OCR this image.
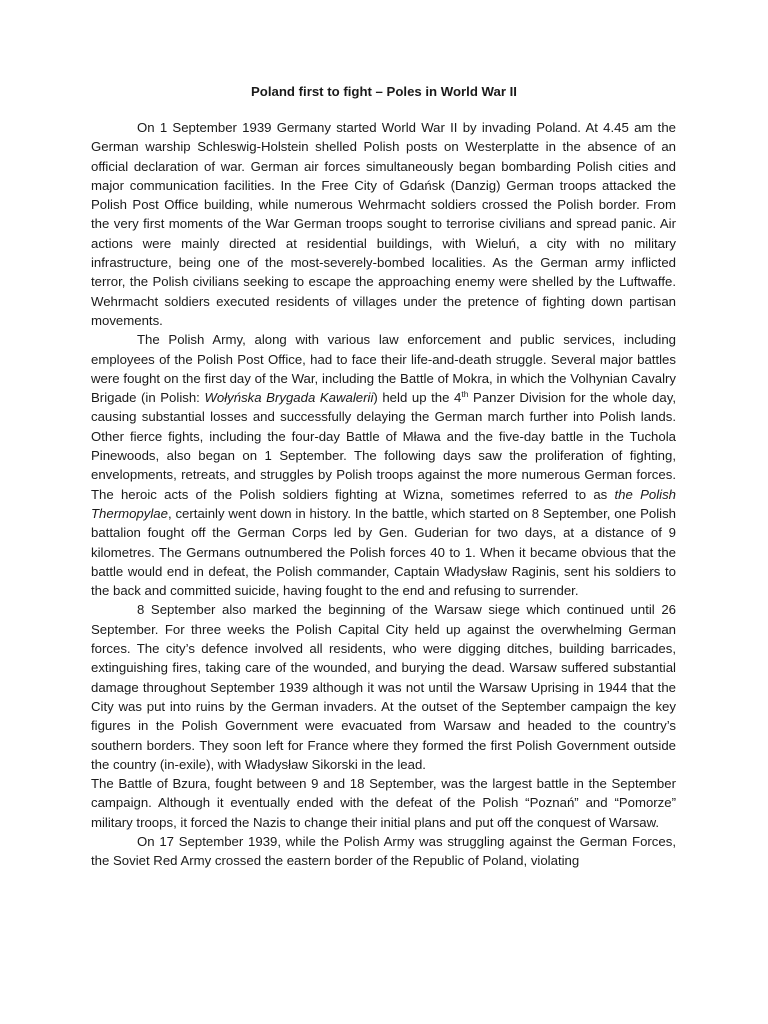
Poland first to fight – Poles in World War II

On 1 September 1939 Germany started World War II by invading Poland. At 4.45 am the German warship Schleswig-Holstein shelled Polish posts on Westerplatte in the absence of an official declaration of war. German air forces simultaneously began bombarding Polish cities and major communication facilities. In the Free City of Gdańsk (Danzig) German troops attacked the Polish Post Office building, while numerous Wehrmacht soldiers crossed the Polish border. From the very first moments of the War German troops sought to terrorise civilians and spread panic. Air actions were mainly directed at residential buildings, with Wieluń, a city with no military infrastructure, being one of the most-severely-bombed localities. As the German army inflicted terror, the Polish civilians seeking to escape the approaching enemy were shelled by the Luftwaffe. Wehrmacht soldiers executed residents of villages under the pretence of fighting down partisan movements.

The Polish Army, along with various law enforcement and public services, including employees of the Polish Post Office, had to face their life-and-death struggle. Several major battles were fought on the first day of the War, including the Battle of Mokra, in which the Volhynian Cavalry Brigade (in Polish: Wołyńska Brygada Kawalerii) held up the 4th Panzer Division for the whole day, causing substantial losses and successfully delaying the German march further into Polish lands. Other fierce fights, including the four-day Battle of Mława and the five-day battle in the Tuchola Pinewoods, also began on 1 September. The following days saw the proliferation of fighting, envelopments, retreats, and struggles by Polish troops against the more numerous German forces. The heroic acts of the Polish soldiers fighting at Wizna, sometimes referred to as the Polish Thermopylae, certainly went down in history. In the battle, which started on 8 September, one Polish battalion fought off the German Corps led by Gen. Guderian for two days, at a distance of 9 kilometres. The Germans outnumbered the Polish forces 40 to 1. When it became obvious that the battle would end in defeat, the Polish commander, Captain Władysław Raginis, sent his soldiers to the back and committed suicide, having fought to the end and refusing to surrender.

8 September also marked the beginning of the Warsaw siege which continued until 26 September. For three weeks the Polish Capital City held up against the overwhelming German forces. The city’s defence involved all residents, who were digging ditches, building barricades, extinguishing fires, taking care of the wounded, and burying the dead. Warsaw suffered substantial damage throughout September 1939 although it was not until the Warsaw Uprising in 1944 that the City was put into ruins by the German invaders. At the outset of the September campaign the key figures in the Polish Government were evacuated from Warsaw and headed to the country’s southern borders. They soon left for France where they formed the first Polish Government outside the country (in-exile), with Władysław Sikorski in the lead.

The Battle of Bzura, fought between 9 and 18 September, was the largest battle in the September campaign. Although it eventually ended with the defeat of the Polish “Poznań” and “Pomorze” military troops, it forced the Nazis to change their initial plans and put off the conquest of Warsaw.

On 17 September 1939, while the Polish Army was struggling against the German Forces, the Soviet Red Army crossed the eastern border of the Republic of Poland, violating
